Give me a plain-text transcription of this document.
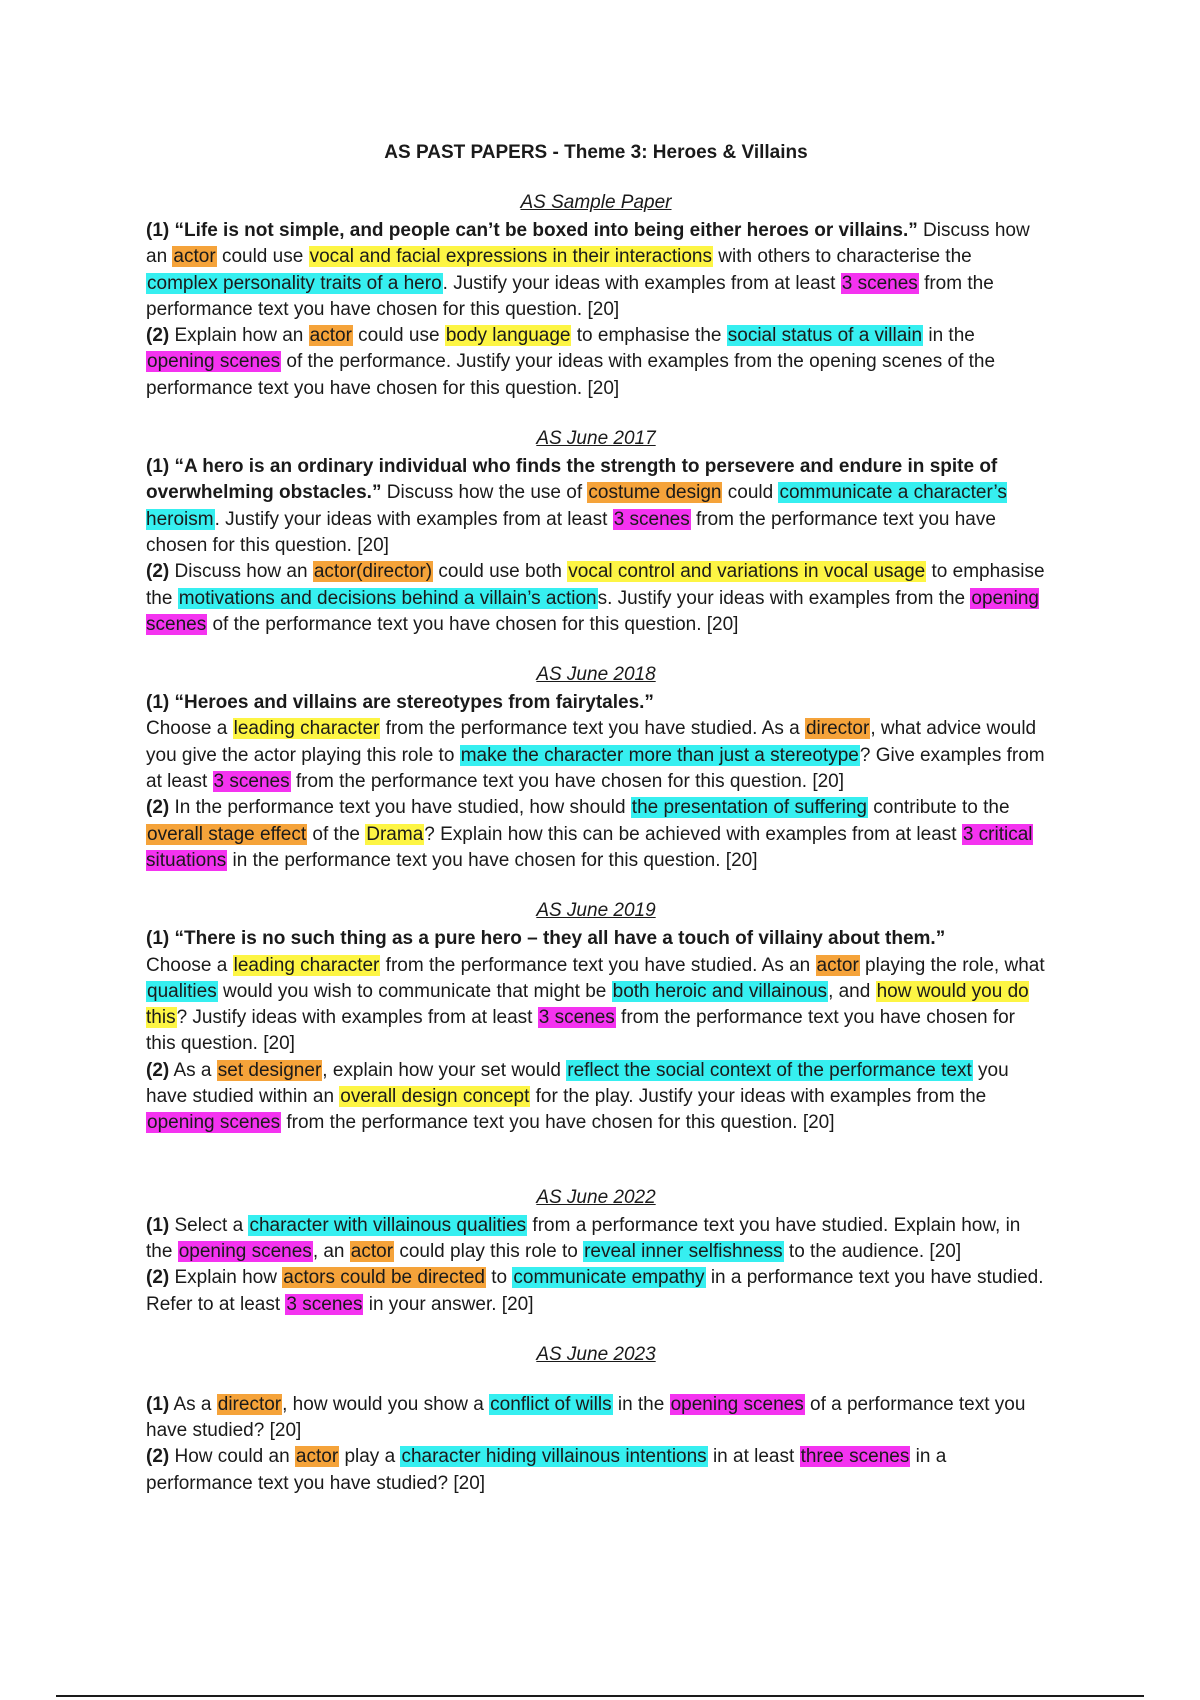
AS PAST PAPERS - Theme 3: Heroes & Villains
AS Sample Paper

(1) “Life is not simple, and people can’t be boxed into being either heroes or villains.” Discuss how an actor could use vocal and facial expressions in their interactions with others to characterise the complex personality traits of a hero. Justify your ideas with examples from at least 3 scenes from the performance text you have chosen for this question. [20]

(2) Explain how an actor could use body language to emphasise the social status of a villain in the opening scenes of the performance. Justify your ideas with examples from the opening scenes of the performance text you have chosen for this question. [20]

AS June 2017

(1) “A hero is an ordinary individual who finds the strength to persevere and endure in spite of overwhelming obstacles.” Discuss how the use of costume design could communicate a character’s heroism. Justify your ideas with examples from at least 3 scenes from the performance text you have chosen for this question. [20]

(2) Discuss how an actor(director) could use both vocal control and variations in vocal usage to emphasise the motivations and decisions behind a villain’s actions. Justify your ideas with examples from the opening scenes of the performance text you have chosen for this question. [20]

AS June 2018

(1) “Heroes and villains are stereotypes from fairytales.”
Choose a leading character from the performance text you have studied. As a director, what advice would you give the actor playing this role to make the character more than just a stereotype? Give examples from at least 3 scenes from the performance text you have chosen for this question. [20]

(2) In the performance text you have studied, how should the presentation of suffering contribute to the overall stage effect of the Drama? Explain how this can be achieved with examples from at least 3 critical situations in the performance text you have chosen for this question. [20]

AS June 2019

(1) “There is no such thing as a pure hero – they all have a touch of villainy about them.”
Choose a leading character from the performance text you have studied. As an actor playing the role, what qualities would you wish to communicate that might be both heroic and villainous, and how would you do this? Justify ideas with examples from at least 3 scenes from the performance text you have chosen for this question. [20]

(2) As a set designer, explain how your set would reflect the social context of the performance text you have studied within an overall design concept for the play. Justify your ideas with examples from the opening scenes from the performance text you have chosen for this question. [20]

AS June 2022

(1) Select a character with villainous qualities from a performance text you have studied. Explain how, in the opening scenes, an actor could play this role to reveal inner selfishness to the audience. [20]

(2) Explain how actors could be directed to communicate empathy in a performance text you have studied. Refer to at least 3 scenes in your answer. [20]

AS June 2023

(1) As a director, how would you show a conflict of wills in the opening scenes of a performance text you have studied? [20]

(2) How could an actor play a character hiding villainous intentions in at least three scenes in a performance text you have studied? [20]
